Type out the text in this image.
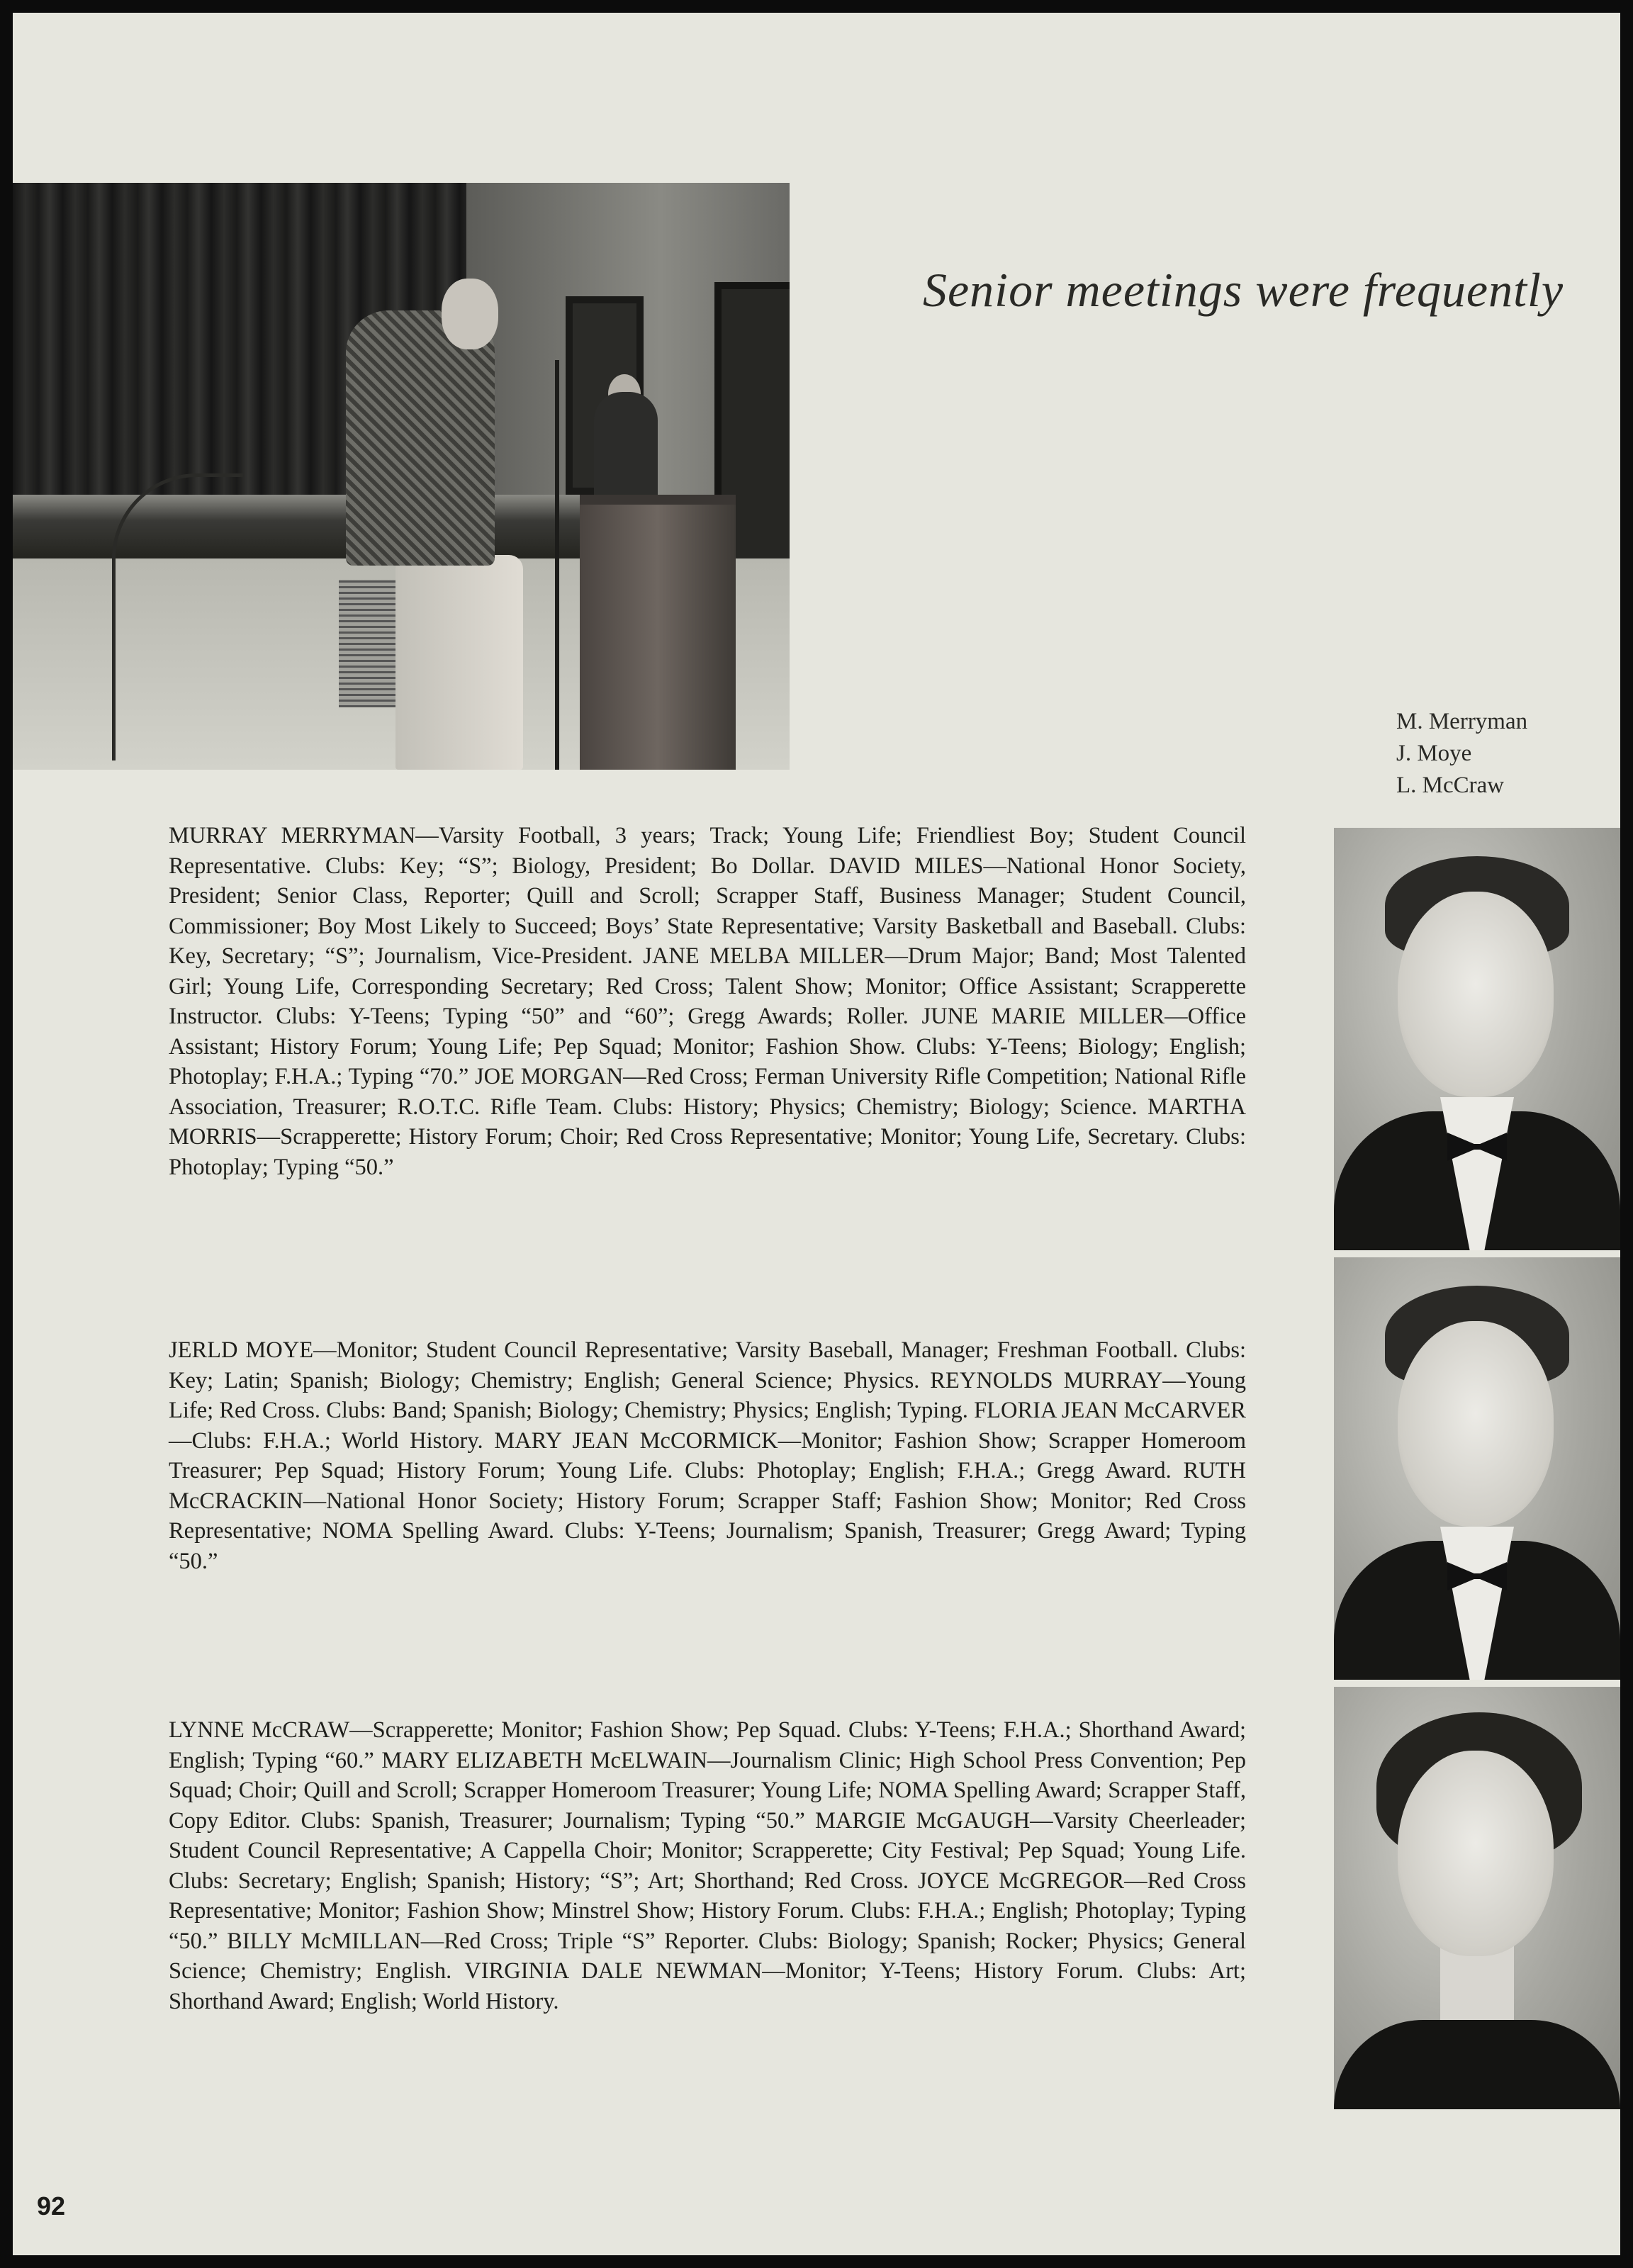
Senior meetings were frequently
M. Merryman
J. Moye
L. McCraw

MURRAY MERRYMAN—Varsity Football, 3 years; Track; Young Life; Friendliest Boy; Student Council Representative. Clubs: Key; “S”; Biology, President; Bo Dollar. DAVID MILES—National Honor Society, President; Senior Class, Reporter; Quill and Scroll; Scrapper Staff, Business Manager; Student Council, Commissioner; Boy Most Likely to Succeed; Boys’ State Representative; Varsity Basketball and Baseball. Clubs: Key, Secretary; “S”; Journalism, Vice-President. JANE MELBA MILLER—Drum Major; Band; Most Talented Girl; Young Life, Corresponding Secretary; Red Cross; Talent Show; Monitor; Office Assistant; Scrapperette Instructor. Clubs: Y-Teens; Typing “50” and “60”; Gregg Awards; Roller. JUNE MARIE MILLER—Office Assistant; History Forum; Young Life; Pep Squad; Monitor; Fashion Show. Clubs: Y-Teens; Biology; English; Photoplay; F.H.A.; Typing “70.” JOE MORGAN—Red Cross; Ferman University Rifle Competition; National Rifle Association, Treasurer; R.O.T.C. Rifle Team. Clubs: History; Physics; Chemistry; Biology; Science. MARTHA MORRIS—Scrapperette; History Forum; Choir; Red Cross Representative; Monitor; Young Life, Secretary. Clubs: Photoplay; Typing “50.”

JERLD MOYE—Monitor; Student Council Representative; Varsity Baseball, Manager; Freshman Football. Clubs: Key; Latin; Spanish; Biology; Chemistry; English; General Science; Physics. REYNOLDS MURRAY—Young Life; Red Cross. Clubs: Band; Spanish; Biology; Chemistry; Physics; English; Typing. FLORIA JEAN McCARVER—Clubs: F.H.A.; World History. MARY JEAN McCORMICK—Monitor; Fashion Show; Scrapper Homeroom Treasurer; Pep Squad; History Forum; Young Life. Clubs: Photoplay; English; F.H.A.; Gregg Award. RUTH McCRACKIN—National Honor Society; History Forum; Scrapper Staff; Fashion Show; Monitor; Red Cross Representative; NOMA Spelling Award. Clubs: Y-Teens; Journalism; Spanish, Treasurer; Gregg Award; Typing “50.”

LYNNE McCRAW—Scrapperette; Monitor; Fashion Show; Pep Squad. Clubs: Y-Teens; F.H.A.; Shorthand Award; English; Typing “60.” MARY ELIZABETH McELWAIN—Journalism Clinic; High School Press Convention; Pep Squad; Choir; Quill and Scroll; Scrapper Homeroom Treasurer; Young Life; NOMA Spelling Award; Scrapper Staff, Copy Editor. Clubs: Spanish, Treasurer; Journalism; Typing “50.” MARGIE McGAUGH—Varsity Cheerleader; Student Council Representative; A Cappella Choir; Monitor; Scrapperette; City Festival; Pep Squad; Young Life. Clubs: Secretary; English; Spanish; History; “S”; Art; Shorthand; Red Cross. JOYCE McGREGOR—Red Cross Representative; Monitor; Fashion Show; Minstrel Show; History Forum. Clubs: F.H.A.; English; Photoplay; Typing “50.” BILLY McMILLAN—Red Cross; Triple “S” Reporter. Clubs: Biology; Spanish; Rocker; Physics; General Science; Chemistry; English. VIRGINIA DALE NEWMAN—Monitor; Y-Teens; History Forum. Clubs: Art; Shorthand Award; English; World History.

92
